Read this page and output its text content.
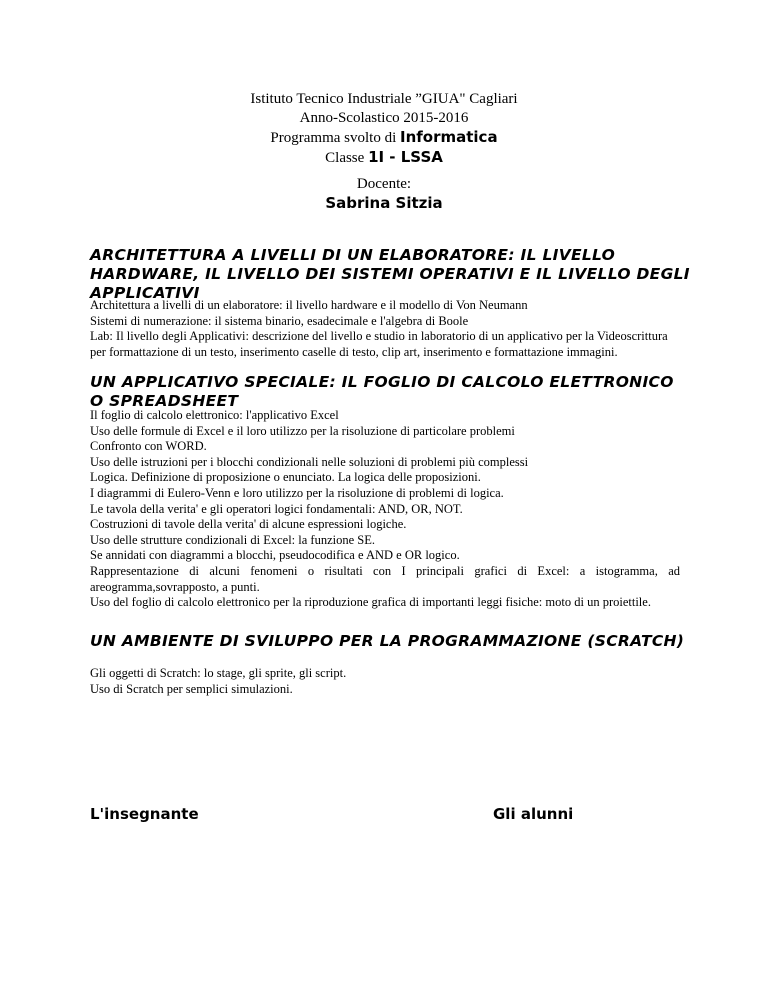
Istituto Tecnico Industriale ”GIUA" Cagliari
Anno-Scolastico 2015-2016
Programma svolto di Informatica
Classe 1I - LSSA
Docente:
Sabrina Sitzia
ARCHITETTURA A LIVELLI DI UN ELABORATORE: IL LIVELLO HARDWARE, IL LIVELLO DEI SISTEMI OPERATIVI E IL LIVELLO DEGLI APPLICATIVI
Architettura a livelli di un elaboratore: il livello hardware e il modello di Von Neumann
Sistemi di numerazione: il sistema binario, esadecimale e l'algebra di Boole
Lab: Il livello degli Applicativi: descrizione del livello e studio in laboratorio di un applicativo per la Videoscrittura
per formattazione di un testo, inserimento caselle di testo, clip art, inserimento e formattazione immagini.
UN APPLICATIVO SPECIALE: IL FOGLIO DI CALCOLO ELETTRONICO O SPREADSHEET
Il foglio di calcolo elettronico: l'applicativo Excel
Uso delle formule di Excel e il loro utilizzo per la risoluzione di particolare problemi
Confronto con WORD.
Uso delle istruzioni per i blocchi condizionali nelle soluzioni di problemi più complessi
Logica. Definizione di proposizione o enunciato. La logica delle proposizioni.
I diagrammi di Eulero-Venn e loro utilizzo per la risoluzione di problemi di logica.
Le tavola della verita' e gli operatori logici fondamentali: AND, OR, NOT.
Costruzioni di tavole della verita' di alcune espressioni logiche.
Uso delle strutture condizionali di Excel: la funzione SE.
Se annidati con diagrammi a blocchi, pseudocodifica e AND e OR logico.
Rappresentazione di alcuni fenomeni o risultati con I principali grafici di Excel: a istogramma, ad areogramma,sovrapposto, a punti.
Uso del foglio di calcolo elettronico per la riproduzione grafica di importanti leggi fisiche: moto di un proiettile.
UN AMBIENTE DI SVILUPPO PER LA PROGRAMMAZIONE (SCRATCH)
Gli oggetti di Scratch: lo stage, gli sprite, gli script.
Uso di Scratch per semplici simulazioni.
L'insegnante	Gli alunni
